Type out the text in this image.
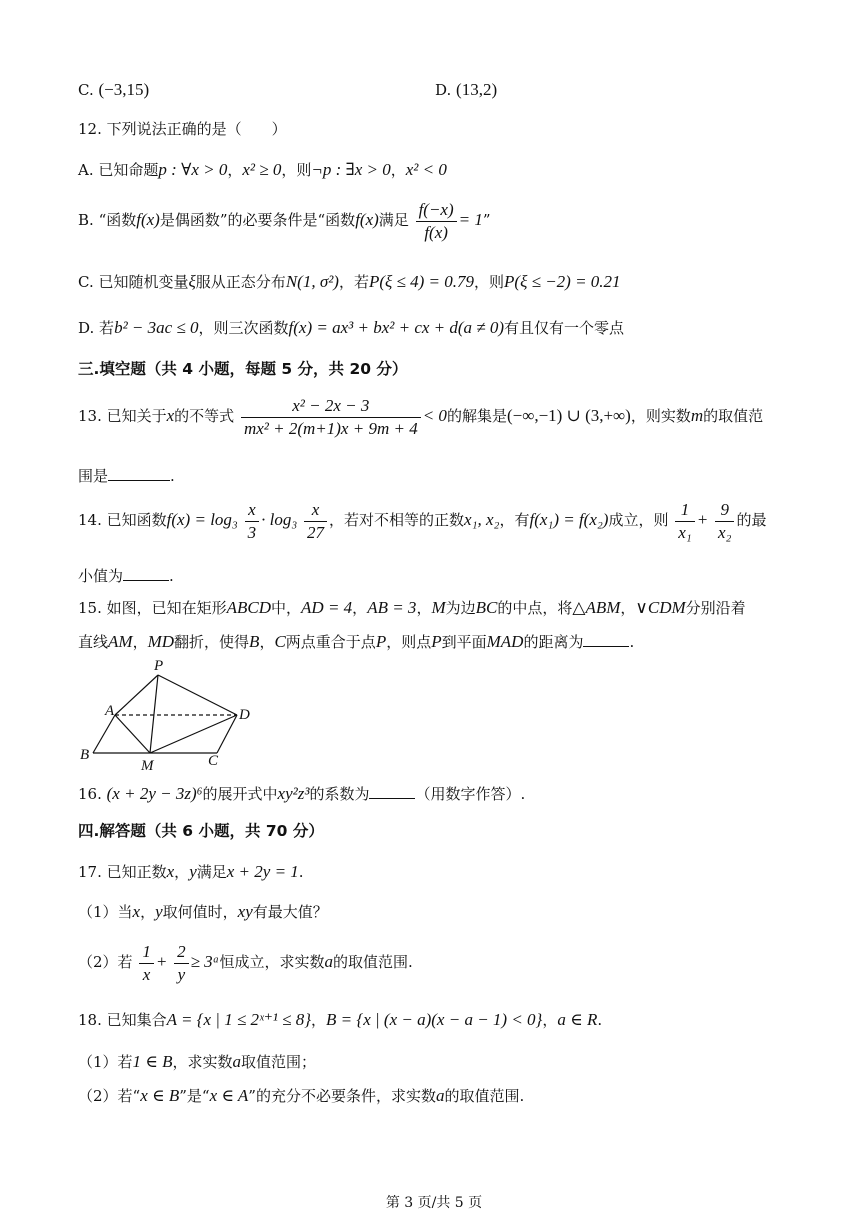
C. (−3,15)	D. (13,2)
12. 下列说法正确的是（　　）
A. 已知命题p : ∀x > 0，x² ≥ 0，则¬p : ∃x > 0，x² < 0
B. “函数f(x)是偶函数”的必要条件是“函数f(x)满足 $\frac{f(-x)}{f(x)} = 1$”
C. 已知随机变量ξ服从正态分布N(1, σ²)，若P(ξ ≤ 4) = 0.79，则P(ξ ≤ −2) = 0.21
D. 若b² − 3ac ≤ 0，则三次函数f(x) = ax³ + bx² + cx + d(a ≠ 0)有且仅有一个零点
三.填空题（共 4 小题，每题 5 分，共 20 分）
13. 已知关于x的不等式 $\frac{\text{x² − 2x − 3}}{\text{mx² + 2(m+1)x + 9m + 4}} < 0$的解集是(−∞,−1) ∪ (3,+∞)，则实数m的取值范
围是	.
14. 已知函数$f(x) = \log_3 \frac{x}{3} \cdot \log_3 \frac{x}{27}$ ，若对不相等的正数x₁, x₂，有f(x₁) = f(x₂)成立，则 $\frac{1}{\text{x₁}} + \frac{9}{\text{x₂}}$ 的最
小值为	.
15. 如图，已知在矩形ABCD中，AD = 4，AB = 3，M为边BC的中点，将△ABM，∨CDM分别沿着
直线AM，MD翻折，使得B，C两点重合于点P，则点P到平面MAD的距离为	.
P
A	D
B
M	C
16. (x + 2y − 3z)⁶的展开式中xy²z³的系数为	（用数字作答）.
四.解答题（共 6 小题，共 70 分）
17. 已知正数x，y满足x + 2y = 1.
（1）当x，y取何值时，xy有最大值？
（2）若 $\frac{1}{x} + \frac{2}{y}$ ≥ 3ᵃ恒成立，求实数a的取值范围.
18. 已知集合A = {x | 1 ≤ 2ˣ⁺¹ ≤ 8}，B = {x | (x − a)(x − a − 1) < 0}，a ∈ R.
（1）若1 ∈ B，求实数a取值范围；
（2）若“x ∈ B”是“x ∈ A”的充分不必要条件，求实数a的取值范围.
第 3 页/共 5 页
